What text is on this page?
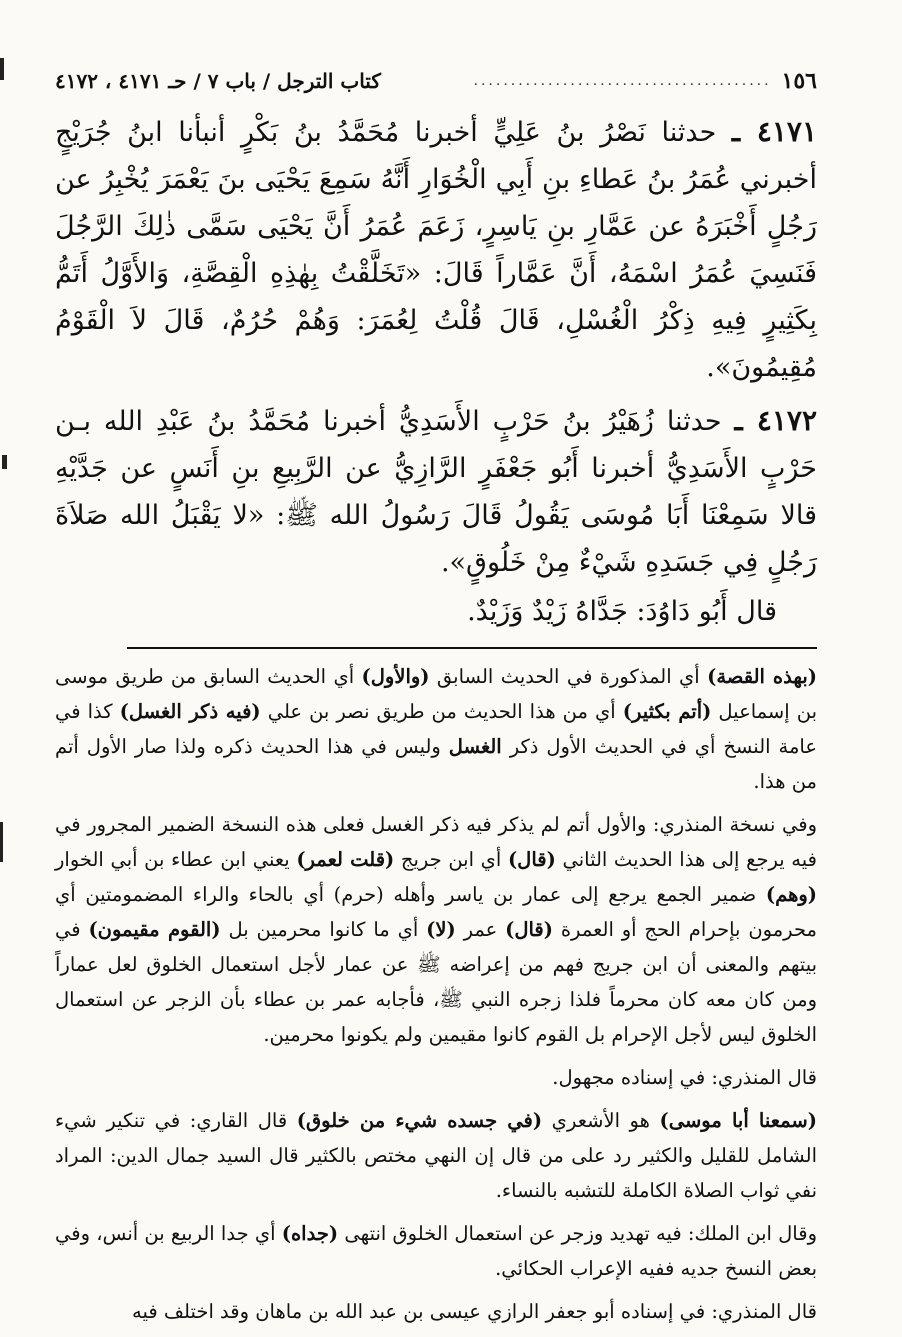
١٥٦
........................................
كتاب الترجل / باب ٧ / حـ ٤١٧١ ، ٤١٧٢

٤١٧١ ـ حدثنا نَصْرُ بنُ عَلِيٍّ أخبرنا مُحَمَّدُ بنُ بَكْرٍ أنبأنا ابنُ جُرَيْجٍ أخبرني عُمَرُ بنُ عَطاءِ بنِ أَبِي الْخُوَارِ أَنَّهُ سَمِعَ يَحْيَى بنَ يَعْمَرَ يُخْبِرُ عن رَجُلٍ أَخْبَرَهُ عن عَمَّارِ بنِ يَاسِرٍ، زَعَمَ عُمَرُ أَنَّ يَحْيَى سَمَّى ذٰلِكَ الرَّجُلَ فَنَسِيَ عُمَرُ اسْمَهُ، أَنَّ عَمَّاراً قَالَ: «تَخَلَّقْتُ بِهٰذِهِ الْقِصَّةِ، وَالأَوَّلُ أَتَمُّ بِكَثِيرٍ فِيهِ ذِكْرُ الْغُسْلِ، قَالَ قُلْتُ لِعُمَرَ: وَهُمْ حُرُمٌ، قَالَ لاَ الْقَوْمُ مُقِيمُونَ».

٤١٧٢ ـ حدثنا زُهَيْرُ بنُ حَرْبٍ الأَسَدِيُّ أخبرنا مُحَمَّدُ بنُ عَبْدِ الله بـن حَرْبٍ الأَسَدِيُّ أخبرنا أَبُو جَعْفَرٍ الرَّازِيُّ عن الرَّبِيعِ بنِ أَنَسٍ عن جَدَّيْهِ قالا سَمِعْنَا أَبَا مُوسَى يَقُولُ قَالَ رَسُولُ الله ﷺ: «لا يَقْبَلُ الله صَلاَةَ رَجُلٍ فِي جَسَدِهِ شَيْءٌ مِنْ خَلُوقٍ».

قال أَبُو دَاوُدَ: جَدَّاهُ زَيْدٌ وَزَيْدٌ.

(بهذه القصة) أي المذكورة في الحديث السابق (والأول) أي الحديث السابق من طريق موسى بن إسماعيل (أتم بكثير) أي من هذا الحديث من طريق نصر بن علي (فيه ذكر الغسل) كذا في عامة النسخ أي في الحديث الأول ذكر الغسل وليس في هذا الحديث ذكره ولذا صار الأول أتم من هذا.

وفي نسخة المنذري: والأول أتم لم يذكر فيه ذكر الغسل فعلى هذه النسخة الضمير المجرور في فيه يرجع إلى هذا الحديث الثاني (قال) أي ابن جريج (قلت لعمر) يعني ابن عطاء بن أبي الخوار (وهم) ضمير الجمع يرجع إلى عمار بن ياسر وأهله (حرم) أي بالحاء والراء المضمومتين أي محرمون بإحرام الحج أو العمرة (قال) عمر (لا) أي ما كانوا محرمين بل (القوم مقيمون) في بيتهم والمعنى أن ابن جريج فهم من إعراضه ﷺ عن عمار لأجل استعمال الخلوق لعل عماراً ومن كان معه كان محرماً فلذا زجره النبي ﷺ، فأجابه عمر بن عطاء بأن الزجر عن استعمال الخلوق ليس لأجل الإحرام بل القوم كانوا مقيمين ولم يكونوا محرمين.

قال المنذري: في إسناده مجهول.

(سمعنا أبا موسى) هو الأشعري (في جسده شيء من خلوق) قال القاري: في تنكير شيء الشامل للقليل والكثير رد على من قال إن النهي مختص بالكثير قال السيد جمال الدين: المراد نفي ثواب الصلاة الكاملة للتشبه بالنساء.

وقال ابن الملك: فيه تهديد وزجر عن استعمال الخلوق انتهى (جداه) أي جدا الربيع بن أنس، وفي بعض النسخ جديه ففيه الإعراب الحكائي.

قال المنذري: في إسناده أبو جعفر الرازي عيسى بن عبد الله بن ماهان وقد اختلف فيه
